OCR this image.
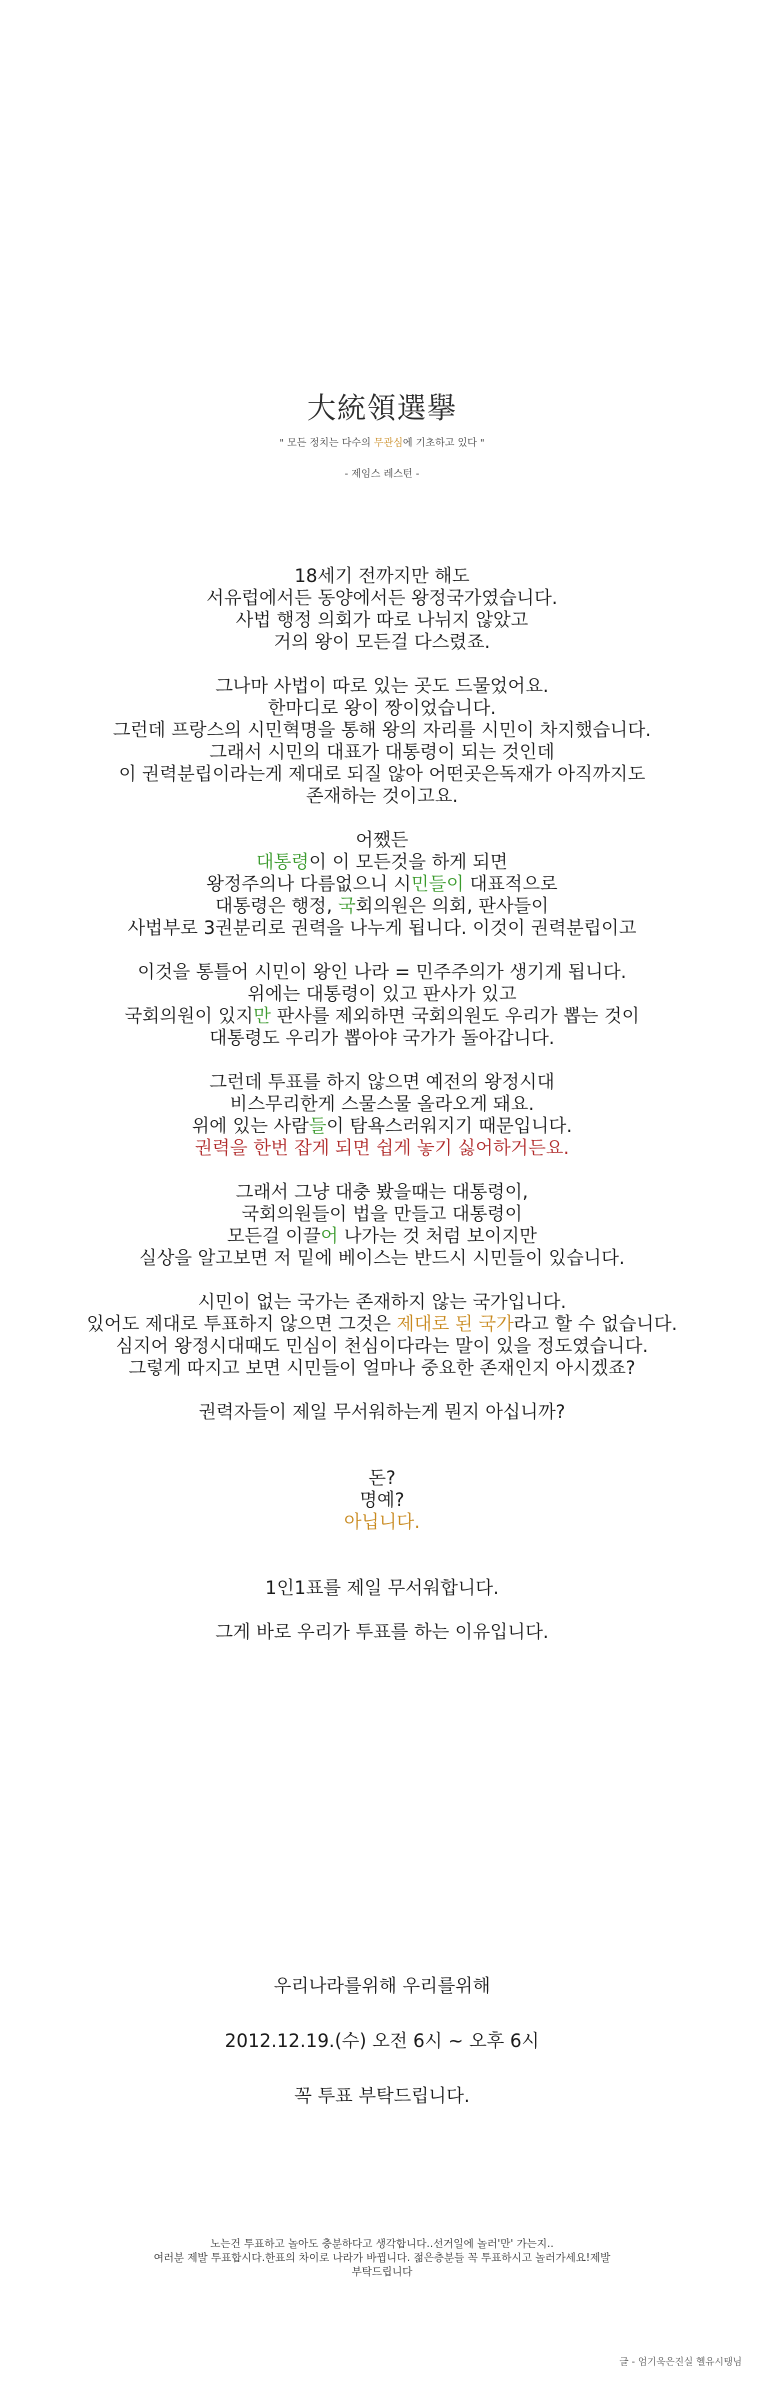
大統領選擧
" 모든 정치는 다수의 무관심에 기초하고 있다 "
- 제임스 레스턴 -
18세기 전까지만 해도
서유럽에서든 동양에서든 왕정국가였습니다.
사법 행정 의회가 따로 나뉘지 않았고
거의 왕이 모든걸 다스렸죠.
그나마 사법이 따로 있는 곳도 드물었어요.
한마디로 왕이 짱이었습니다.
그런데 프랑스의 시민혁명을 통해 왕의 자리를 시민이 차지했습니다.
그래서 시민의 대표가 대통령이 되는 것인데
이 권력분립이라는게 제대로 되질 않아 어떤곳은독재가 아직까지도
존재하는 것이고요.
어쨌든
대통령이 이 모든것을 하게 되면
왕정주의나 다름없으니 시민들이 대표적으로
대통령은 행정, 국회의원은 의회, 판사들이
사법부로 3권분리로 권력을 나누게 됩니다. 이것이 권력분립이고
이것을 통틀어 시민이 왕인 나라 = 민주주의가 생기게 됩니다.
위에는 대통령이 있고 판사가 있고
국회의원이 있지만 판사를 제외하면 국회의원도 우리가 뽑는 것이
대통령도 우리가 뽑아야 국가가 돌아갑니다.
그런데 투표를 하지 않으면 예전의 왕정시대
비스무리한게 스물스물 올라오게 돼요.
위에 있는 사람들이 탐욕스러워지기 때문입니다.
권력을 한번 잡게 되면 쉽게 놓기 싫어하거든요.
그래서 그냥 대충 봤을때는 대통령이,
국회의원들이 법을 만들고 대통령이
모든걸 이끌어 나가는 것 처럼 보이지만
실상을 알고보면 저 밑에 베이스는 반드시 시민들이 있습니다.
시민이 없는 국가는 존재하지 않는 국가입니다.
있어도 제대로 투표하지 않으면 그것은 제대로 된 국가라고 할 수 없습니다.
심지어 왕정시대때도 민심이 천심이다라는 말이 있을 정도였습니다.
그렇게 따지고 보면 시민들이 얼마나 중요한 존재인지 아시겠죠?
권력자들이 제일 무서워하는게 뭔지 아십니까?

돈?
명예?
아닙니다.

1인1표를 제일 무서워합니다.
그게 바로 우리가 투표를 하는 이유입니다.
우리나라를위해 우리를위해
2012.12.19.(수) 오전 6시 ~ 오후 6시
꼭 투표 부탁드립니다.
노는건 투표하고 놀아도 충분하다고 생각합니다..선거일에 놀러'만' 가는지..
여러분 제발 투표합시다.한표의 차이로 나라가 바뀝니다. 젊은층분들 꼭 투표하시고 놀러가세요!제발
부탁드립니다
글 - 엄기욱은진실 헬유시탱님
